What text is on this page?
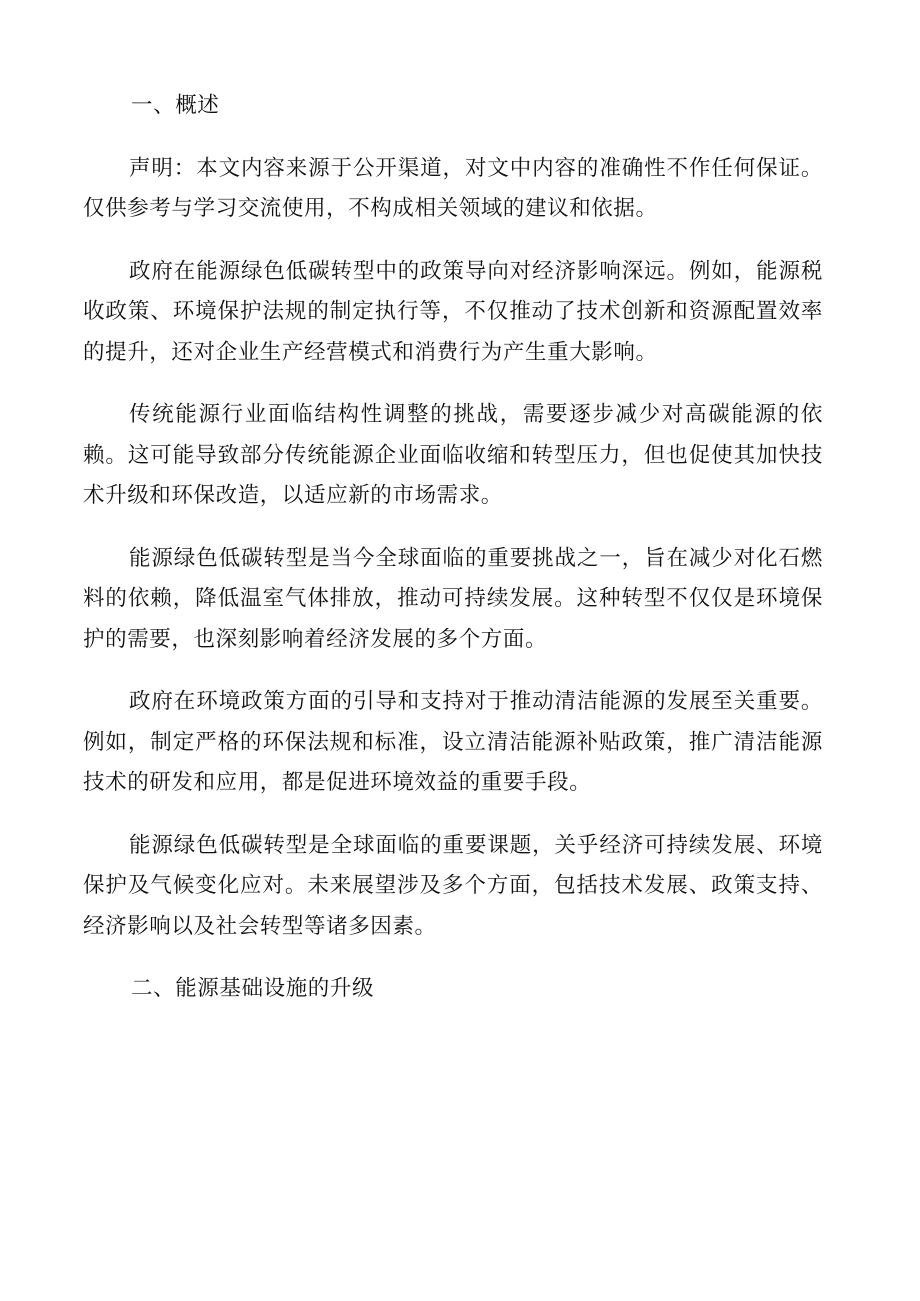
一、概述

声明：本文内容来源于公开渠道，对文中内容的准确性不作任何保证。仅供参考与学习交流使用，不构成相关领域的建议和依据。

政府在能源绿色低碳转型中的政策导向对经济影响深远。例如，能源税收政策、环境保护法规的制定执行等，不仅推动了技术创新和资源配置效率的提升，还对企业生产经营模式和消费行为产生重大影响。

传统能源行业面临结构性调整的挑战，需要逐步减少对高碳能源的依赖。这可能导致部分传统能源企业面临收缩和转型压力，但也促使其加快技术升级和环保改造，以适应新的市场需求。

能源绿色低碳转型是当今全球面临的重要挑战之一，旨在减少对化石燃料的依赖，降低温室气体排放，推动可持续发展。这种转型不仅仅是环境保护的需要，也深刻影响着经济发展的多个方面。

政府在环境政策方面的引导和支持对于推动清洁能源的发展至关重要。例如，制定严格的环保法规和标准，设立清洁能源补贴政策，推广清洁能源技术的研发和应用，都是促进环境效益的重要手段。

能源绿色低碳转型是全球面临的重要课题，关乎经济可持续发展、环境保护及气候变化应对。未来展望涉及多个方面，包括技术发展、政策支持、经济影响以及社会转型等诸多因素。

二、能源基础设施的升级
